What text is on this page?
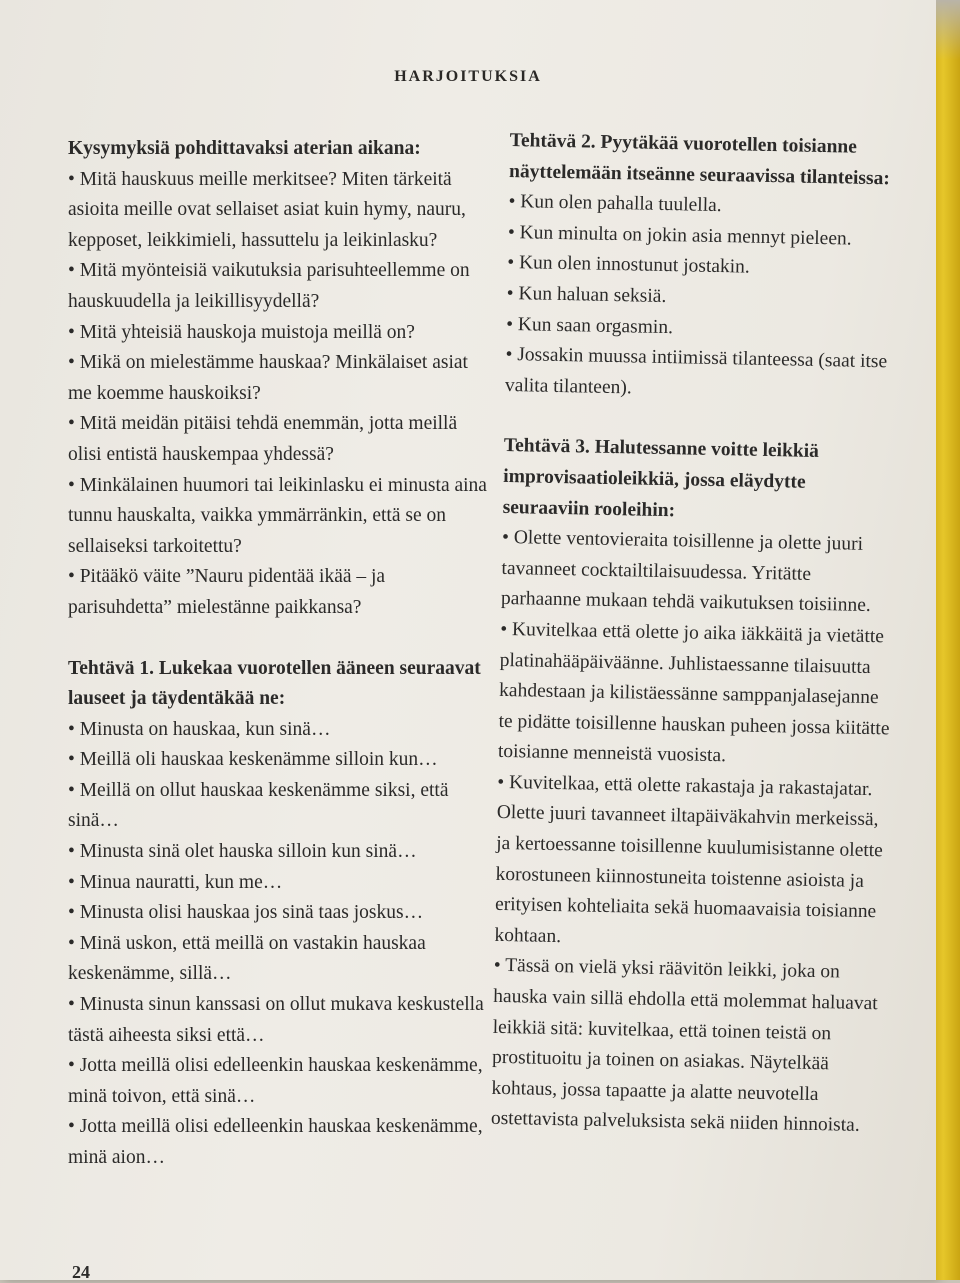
HARJOITUKSIA

Kysymyksiä pohdittavaksi aterian aikana:

• Mitä hauskuus meille merkitsee? Miten tärkeitä asioita meille ovat sellaiset asiat kuin hymy, nauru, kepposet, leikkimieli, hassuttelu ja leikinlasku?

• Mitä myönteisiä vaikutuksia parisuhteellemme on hauskuudella ja leikillisyydellä?

• Mitä yhteisiä hauskoja muistoja meillä on?

• Mikä on mielestämme hauskaa? Minkälaiset asiat me koemme hauskoiksi?

• Mitä meidän pitäisi tehdä enemmän, jotta meillä olisi entistä hauskempaa yhdessä?

• Minkälainen huumori tai leikinlasku ei minusta aina tunnu hauskalta, vaikka ymmärränkin, että se on sellaiseksi tarkoitettu?

• Pitääkö väite ”Nauru pidentää ikää – ja parisuhdetta” mielestänne paikkansa?

Tehtävä 1. Lukekaa vuorotellen ääneen seuraavat lauseet ja täydentäkää ne:

• Minusta on hauskaa, kun sinä…

• Meillä oli hauskaa keskenämme silloin kun…

• Meillä on ollut hauskaa keskenämme siksi, että sinä…

• Minusta sinä olet hauska silloin kun sinä…

• Minua nauratti, kun me…

• Minusta olisi hauskaa jos sinä taas joskus…

• Minä uskon, että meillä on vastakin hauskaa keskenämme, sillä…

• Minusta sinun kanssasi on ollut mukava keskustella tästä aiheesta siksi että…

• Jotta meillä olisi edelleenkin hauskaa keskenämme, minä toivon, että sinä…

• Jotta meillä olisi edelleenkin hauskaa keskenämme, minä aion…

Tehtävä 2. Pyytäkää vuorotellen toisianne näyttelemään itseänne seuraavissa tilanteissa:

• Kun olen pahalla tuulella.

• Kun minulta on jokin asia mennyt pieleen.

• Kun olen innostunut jostakin.

• Kun haluan seksiä.

• Kun saan orgasmin.

• Jossakin muussa intiimissä tilanteessa (saat itse valita tilanteen).

Tehtävä 3. Halutessanne voitte leikkiä improvisaatioleikkiä, jossa eläydytte seuraaviin rooleihin:

• Olette ventovieraita toisillenne ja olette juuri tavanneet cocktailtilaisuudessa. Yritätte parhaanne mukaan tehdä vaikutuksen toisiinne.

• Kuvitelkaa että olette jo aika iäkkäitä ja vietätte platinahääpäiväänne. Juhlistaessanne tilaisuutta kahdestaan ja kilistäessänne samppanjalasejanne te pidätte toisillenne hauskan puheen jossa kiitätte toisianne menneistä vuosista.

• Kuvitelkaa, että olette rakastaja ja rakastajatar. Olette juuri tavanneet iltapäiväkahvin merkeissä, ja kertoessanne toisillenne kuulumisistanne olette korostuneen kiinnostuneita toistenne asioista ja erityisen kohteliaita sekä huomaavaisia toisianne kohtaan.

• Tässä on vielä yksi räävitön leikki, joka on hauska vain sillä ehdolla että molemmat haluavat leikkiä sitä: kuvitelkaa, että toinen teistä on prostituoitu ja toinen on asiakas. Näytelkää kohtaus, jossa tapaatte ja alatte neuvotella ostettavista palveluksista sekä niiden hinnoista.

24
